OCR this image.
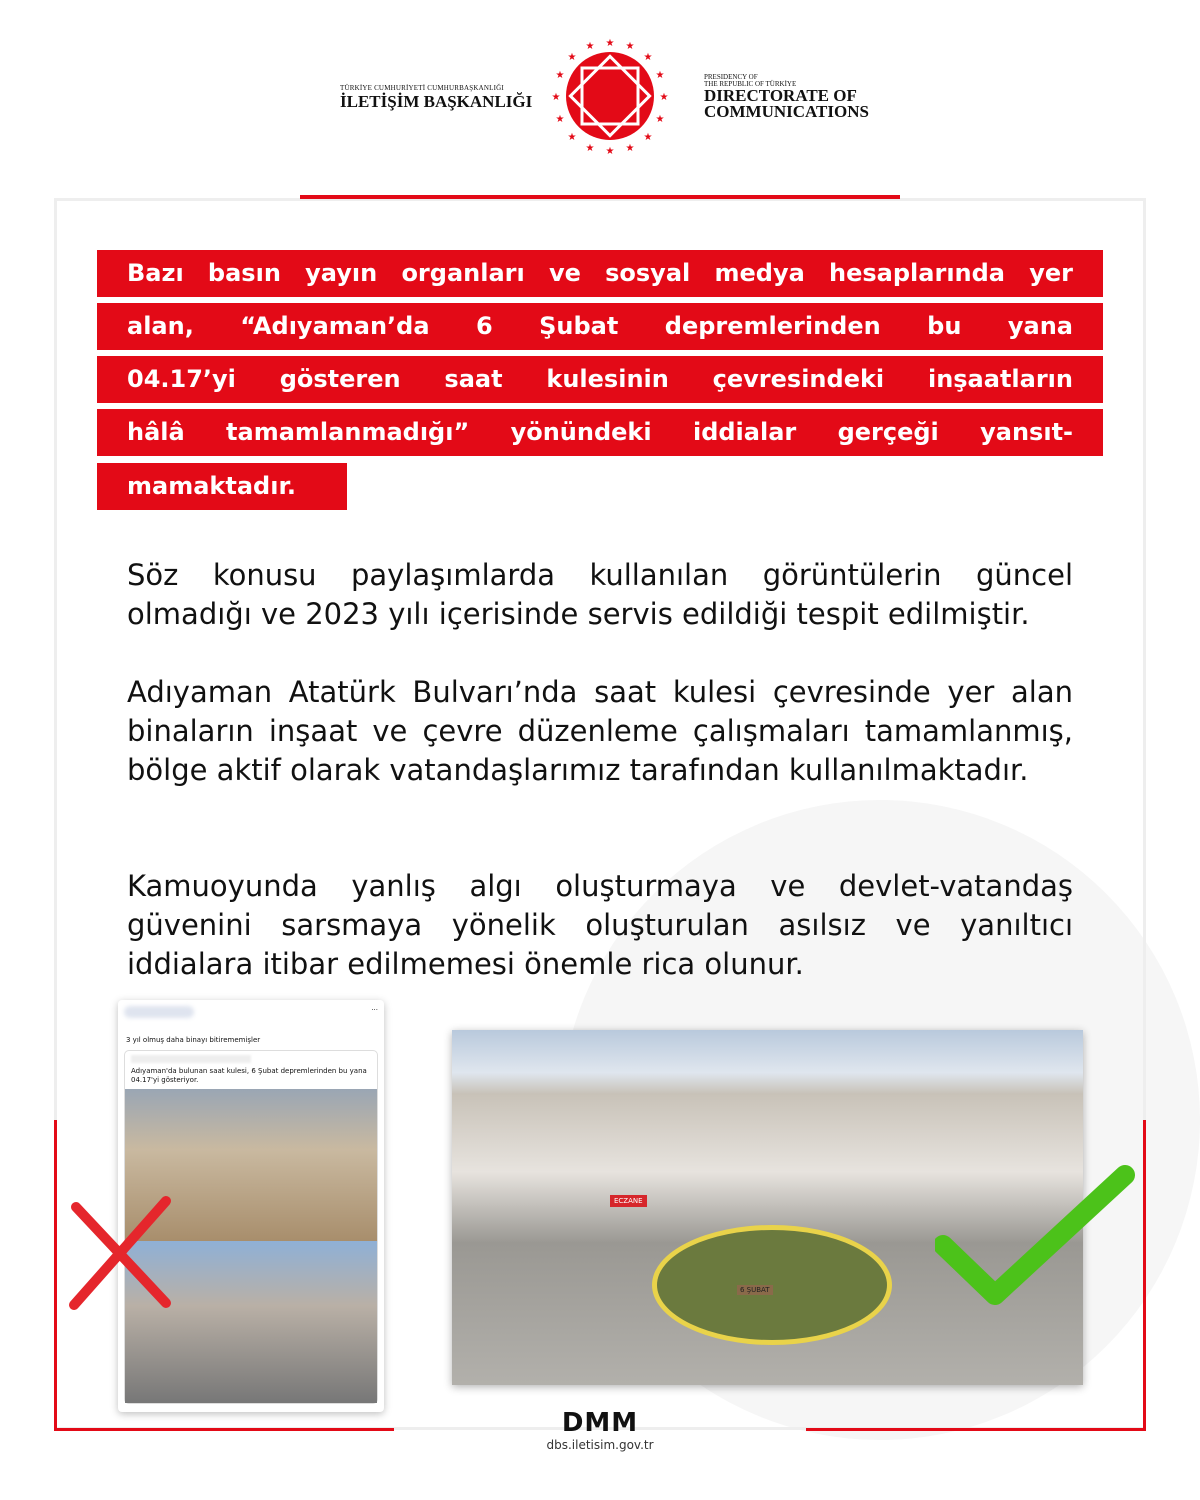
TÜRKİYE CUMHURİYETİ CUMHURBAŞKANLIĞI
İLETİŞİM BAŞKANLIĞI
★
★
★	★
★	★
★	★
★	★
★	★
★	★
★	★
PRESIDENCY OF
THE REPUBLIC OF TÜRKİYE
DIRECTORATE OF
COMMUNICATIONS
Bazı basın yayın organları ve sosyal medya hesaplarında yer
alan, “Adıyaman’da 6 Şubat depremlerinden bu yana
04.17’yi gösteren saat kulesinin çevresindeki inşaatların
hâlâ tamamlanmadığı” yönündeki iddialar gerçeği yansıt-
mamaktadır.

Söz konusu paylaşımlarda kullanılan görüntülerin güncel olmadığı ve 2023 yılı içerisinde servis edildiği tespit edilmiştir.

Adıyaman Atatürk Bulvarı’nda saat kulesi çevresinde yer alan binaların inşaat ve çevre düzenleme çalışmaları tamamlanmış, bölge aktif olarak vatandaşlarımız tarafından kullanılmaktadır.

Kamuoyunda yanlış algı oluşturmaya ve devlet-vatandaş güvenini sarsmaya yönelik oluşturulan asılsız ve yanıltıcı iddialara itibar edilmemesi önemle rica olunur.

···
3 yıl olmuş daha binayı bitirememişler
Adıyaman'da bulunan saat kulesi, 6 Şubat depremlerinden bu yana 04.17'yi gösteriyor.
ECZANE
6 ŞUBAT
DMM
dbs.iletisim.gov.tr
